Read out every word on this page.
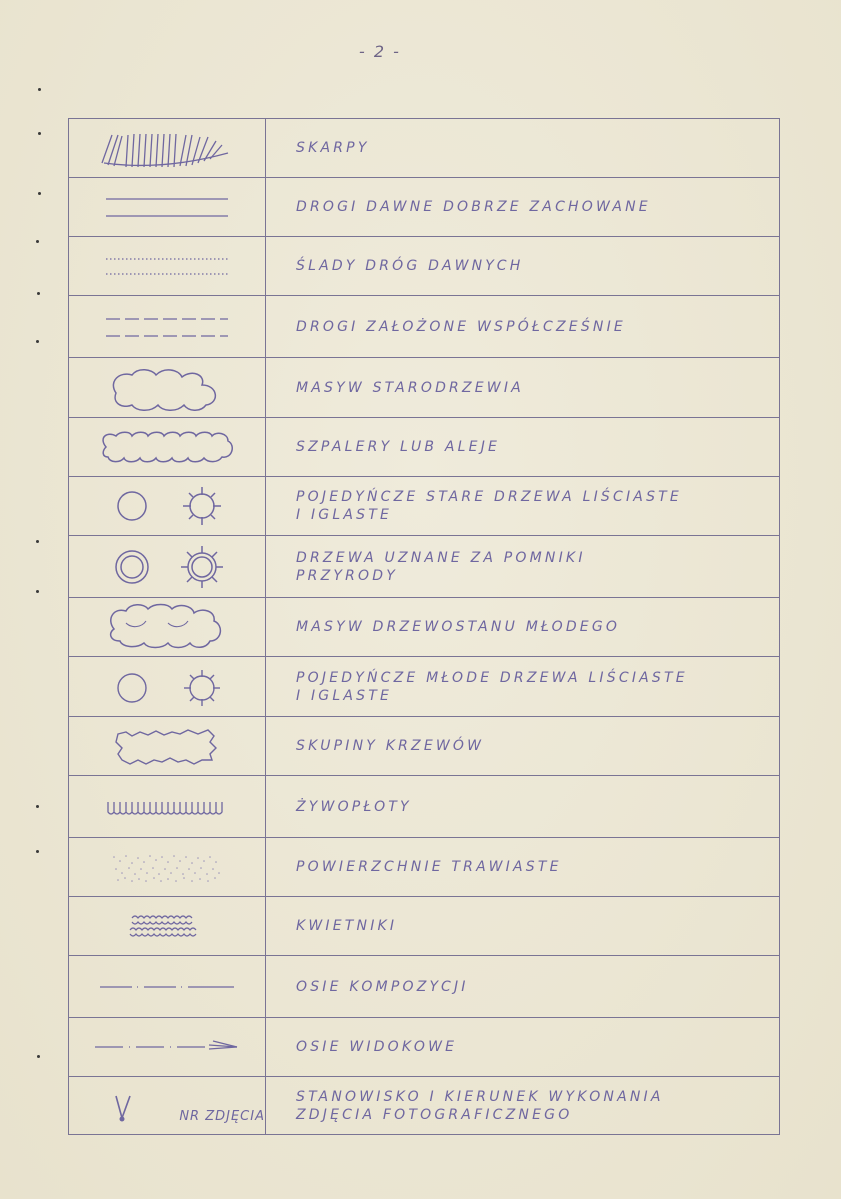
- 2 -
	SKARPY

	DROGI DAWNE DOBRZE ZACHOWANE

	ŚLADY DRÓG DAWNYCH

	DROGI ZAŁOŻONE WSPÓŁCZEŚNIE

	MASYW STARODRZEWIA

	SZPALERY LUB ALEJE

POJEDYŃCZE STARE DRZEWA LIŚCIASTE
I IGLASTE

DRZEWA UZNANE ZA POMNIKI
PRZYRODY

	MASYW DRZEWOSTANU MŁODEGO

POJEDYŃCZE MŁODE DRZEWA LIŚCIASTE
I IGLASTE

	SKUPINY KRZEWÓW

	ŻYWOPŁOTY

	POWIERZCHNIE TRAWIASTE

	KWIETNIKI

	OSIE KOMPOZYCJI

	OSIE WIDOKOWE

NR ZDJĘCIA	STANOWISKO I KIERUNEK WYKONANIA
ZDJĘCIA FOTOGRAFICZNEGO
